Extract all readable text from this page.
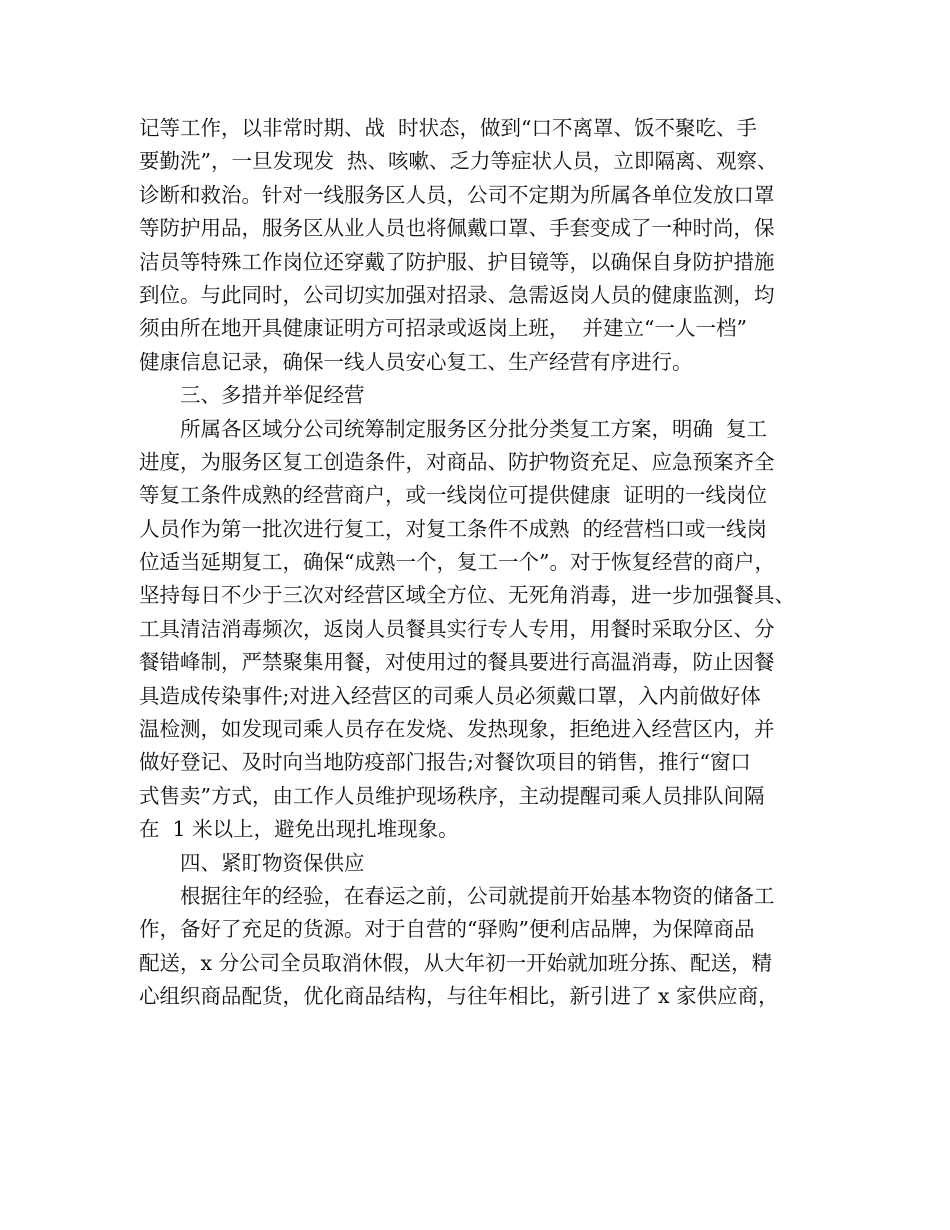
记等工作，以非常时期、战  时状态，做到“口不离罩、饭不聚吃、手
要勤洗”，一旦发现发  热、咳嗽、乏力等症状人员，立即隔离、观察、
诊断和救治。针对一线服务区人员，公司不定期为所属各单位发放口罩
等防护用品，服务区从业人员也将佩戴口罩、手套变成了一种时尚，保
洁员等特殊工作岗位还穿戴了防护服、护目镜等，以确保自身防护措施
到位。与此同时，公司切实加强对招录、急需返岗人员的健康监测，均
须由所在地开具健康证明方可招录或返岗上班，  并建立“一人一档”
健康信息记录，确保一线人员安心复工、生产经营有序进行。
三、多措并举促经营
所属各区域分公司统筹制定服务区分批分类复工方案，明确  复工
进度，为服务区复工创造条件，对商品、防护物资充足、应急预案齐全
等复工条件成熟的经营商户，或一线岗位可提供健康  证明的一线岗位
人员作为第一批次进行复工，对复工条件不成熟  的经营档口或一线岗
位适当延期复工，确保“成熟一个，复工一个”。对于恢复经营的商户，
坚持每日不少于三次对经营区域全方位、无死角消毒，进一步加强餐具、
工具清洁消毒频次，返岗人员餐具实行专人专用，用餐时采取分区、分
餐错峰制，严禁聚集用餐，对使用过的餐具要进行高温消毒，防止因餐
具造成传染事件;对进入经营区的司乘人员必须戴口罩，入内前做好体
温检测，如发现司乘人员存在发烧、发热现象，拒绝进入经营区内，并
做好登记、及时向当地防疫部门报告;对餐饮项目的销售，推行“窗口
式售卖”方式，由工作人员维护现场秩序，主动提醒司乘人员排队间隔
在  1 米以上，避免出现扎堆现象。
四、紧盯物资保供应
根据往年的经验，在春运之前，公司就提前开始基本物资的储备工
作，备好了充足的货源。对于自营的“驿购”便利店品牌，为保障商品
配送，x 分公司全员取消休假，从大年初一开始就加班分拣、配送，精
心组织商品配货，优化商品结构，与往年相比，新引进了 x 家供应商，
